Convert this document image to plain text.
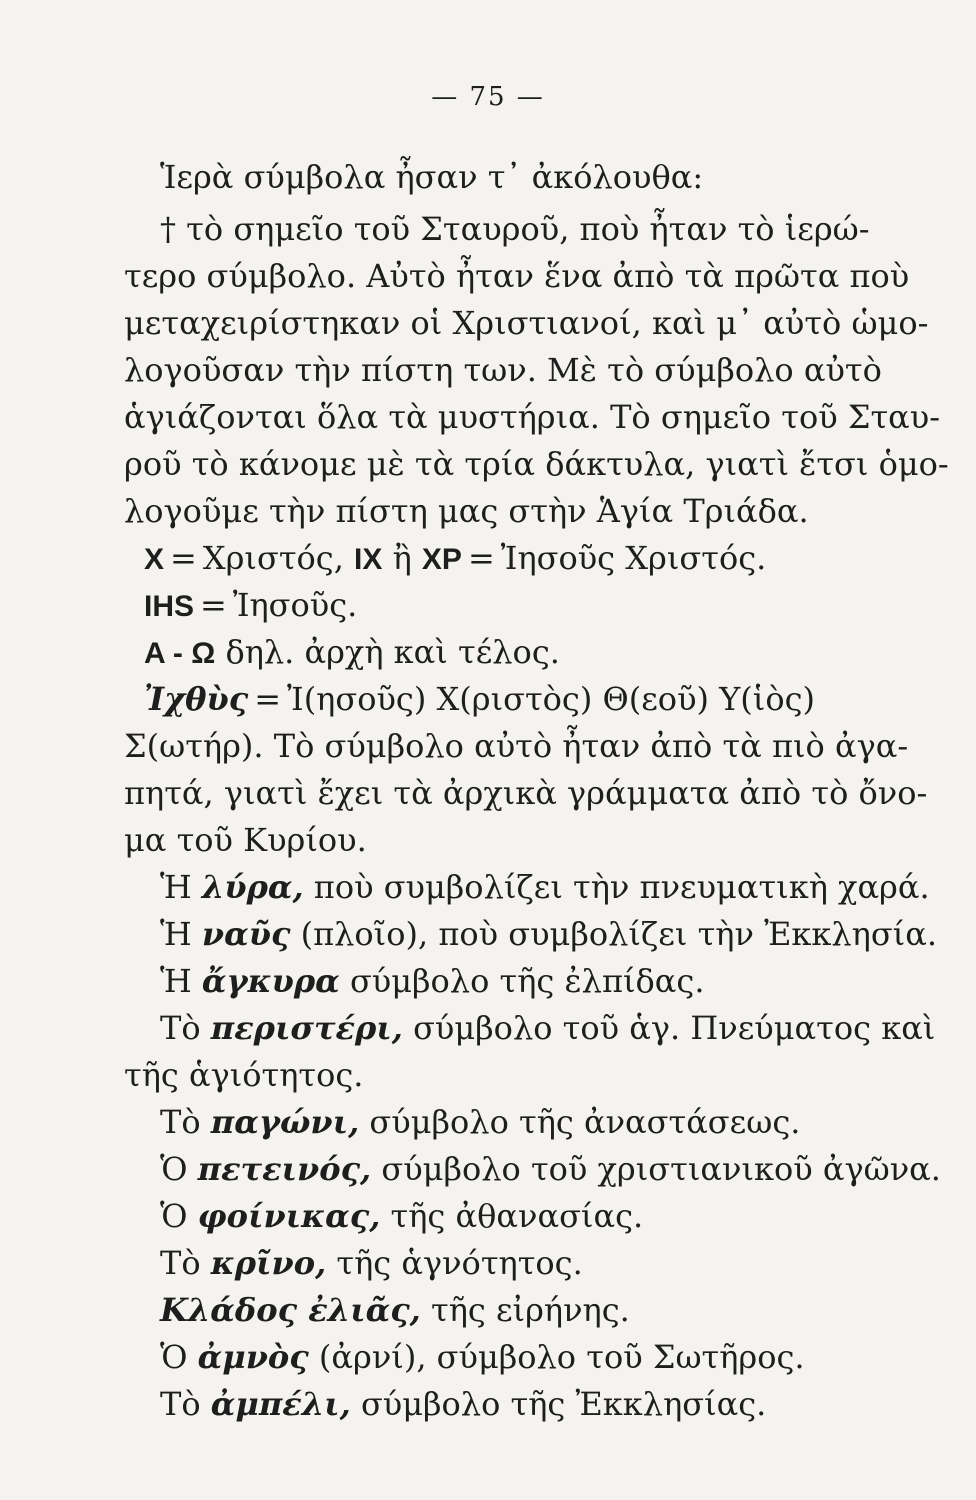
— 75 —
Ἱερὰ σύμβολα ἦσαν τ᾿ ἀκόλουθα:
† τὸ σημεῖο τοῦ Σταυροῦ, ποὺ ἦταν τὸ ἱερώ-
τερο σύμβολο. Αὐτὸ ἦταν ἕνα ἀπὸ τὰ πρῶτα ποὺ
μεταχειρίστηκαν οἱ Χριστιανοί, καὶ μ᾿ αὐτὸ ὡμο-
λογοῦσαν τὴν πίστη των. Μὲ τὸ σύμβολο αὐτὸ
ἁγιάζονται ὅλα τὰ μυστήρια. Τὸ σημεῖο τοῦ Σταυ-
ροῦ τὸ κάνομε μὲ τὰ τρία δάκτυλα, γιατὶ ἔτσι ὁμο-
λογοῦμε τὴν πίστη μας στὴν Ἁγία Τριάδα.
X = Χριστός, IX ἢ XP = Ἰησοῦς Χριστός.
IHS = Ἰησοῦς.
A - Ω δηλ. ἀρχὴ καὶ τέλος.
Ἰχθὺς = Ἰ(ησοῦς) Χ(ριστὸς) Θ(εοῦ) Υ(ἱὸς)
Σ(ωτήρ). Τὸ σύμβολο αὐτὸ ἦταν ἀπὸ τὰ πιὸ ἀγα-
πητά, γιατὶ ἔχει τὰ ἀρχικὰ γράμματα ἀπὸ τὸ ὄνο-
μα τοῦ Κυρίου.
Ἡ λύρα, ποὺ συμβολίζει τὴν πνευματικὴ χαρά.
Ἡ ναῦς (πλοῖο), ποὺ συμβολίζει τὴν Ἐκκλησία.
Ἡ ἄγκυρα σύμβολο τῆς ἐλπίδας.
Τὸ περιστέρι, σύμβολο τοῦ ἁγ. Πνεύματος καὶ
τῆς ἁγιότητος.
Τὸ παγώνι, σύμβολο τῆς ἀναστάσεως.
Ὁ πετεινός, σύμβολο τοῦ χριστιανικοῦ ἀγῶνα.
Ὁ φοίνικας, τῆς ἀθανασίας.
Τὸ κρῖνο, τῆς ἁγνότητος.
Κλάδος ἐλιᾶς, τῆς εἰρήνης.
Ὁ ἀμνὸς (ἀρνί), σύμβολο τοῦ Σωτῆρος.
Τὸ ἀμπέλι, σύμβολο τῆς Ἐκκλησίας.
